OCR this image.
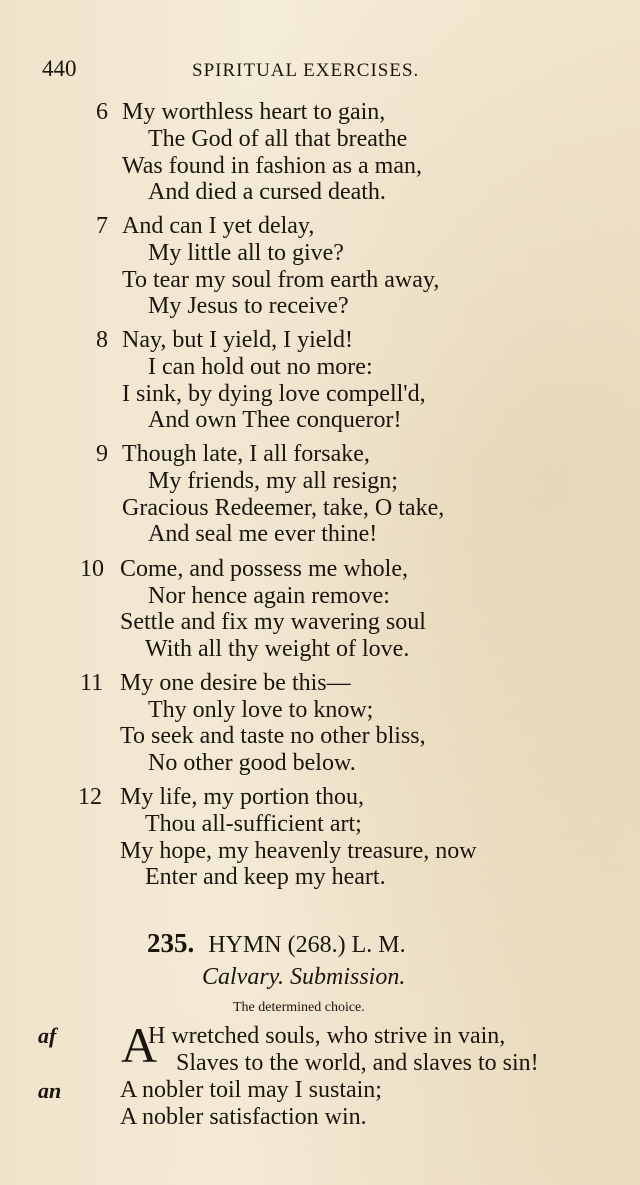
440	SPIRITUAL EXERCISES.
6 My worthless heart to gain,
The God of all that breathe
Was found in fashion as a man,
And died a cursed death.
7 And can I yet delay,
My little all to give?
To tear my soul from earth away,
My Jesus to receive?
8 Nay, but I yield, I yield!
I can hold out no more:
I sink, by dying love compell'd,
And own Thee conqueror!
9 Though late, I all forsake,
My friends, my all resign;
Gracious Redeemer, take, O take,
And seal me ever thine!
10 Come, and possess me whole,
Nor hence again remove:
Settle and fix my wavering soul
With all thy weight of love.
11 My one desire be this—
Thy only love to know;
To seek and taste no other bliss,
No other good below.
12 My life, my portion thou,
Thou all-sufficient art;
My hope, my heavenly treasure, now
Enter and keep my heart.
235. HYMN (268.) L. M.
Calvary. Submission.
The determined choice.
af
an
A
H wretched souls, who strive in vain,
Slaves to the world, and slaves to sin!
A nobler toil may I sustain;
A nobler satisfaction win.
